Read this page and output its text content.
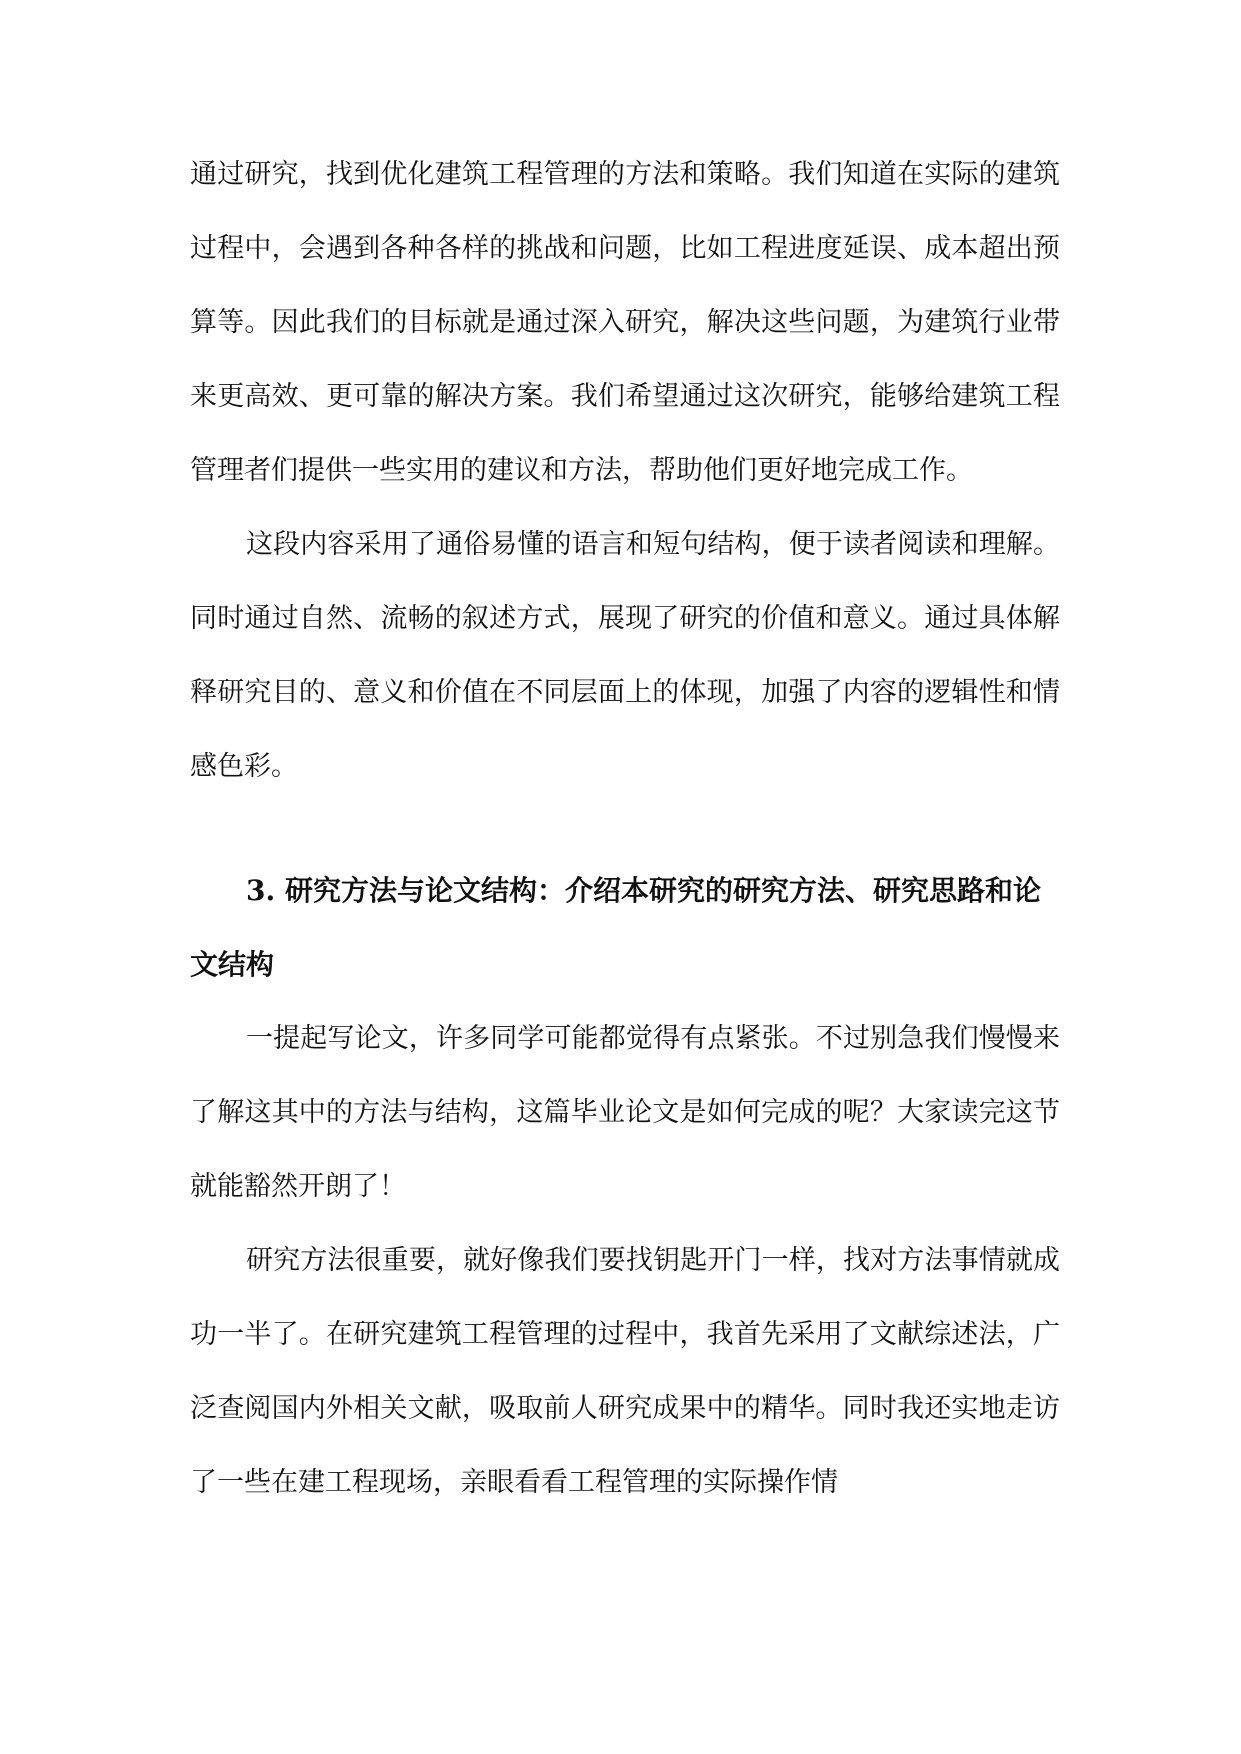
通过研究，找到优化建筑工程管理的方法和策略。我们知道在实际的建筑过程中，会遇到各种各样的挑战和问题，比如工程进度延误、成本超出预算等。因此我们的目标就是通过深入研究，解决这些问题，为建筑行业带来更高效、更可靠的解决方案。我们希望通过这次研究，能够给建筑工程管理者们提供一些实用的建议和方法，帮助他们更好地完成工作。

这段内容采用了通俗易懂的语言和短句结构，便于读者阅读和理解。同时通过自然、流畅的叙述方式，展现了研究的价值和意义。通过具体解释研究目的、意义和价值在不同层面上的体现，加强了内容的逻辑性和情感色彩。

3. 研究方法与论文结构：介绍本研究的研究方法、研究思路和论文结构

一提起写论文，许多同学可能都觉得有点紧张。不过别急我们慢慢来了解这其中的方法与结构，这篇毕业论文是如何完成的呢？大家读完这节就能豁然开朗了！

研究方法很重要，就好像我们要找钥匙开门一样，找对方法事情就成功一半了。在研究建筑工程管理的过程中，我首先采用了文献综述法，广泛查阅国内外相关文献，吸取前人研究成果中的精华。同时我还实地走访了一些在建工程现场，亲眼看看工程管理的实际操作情
